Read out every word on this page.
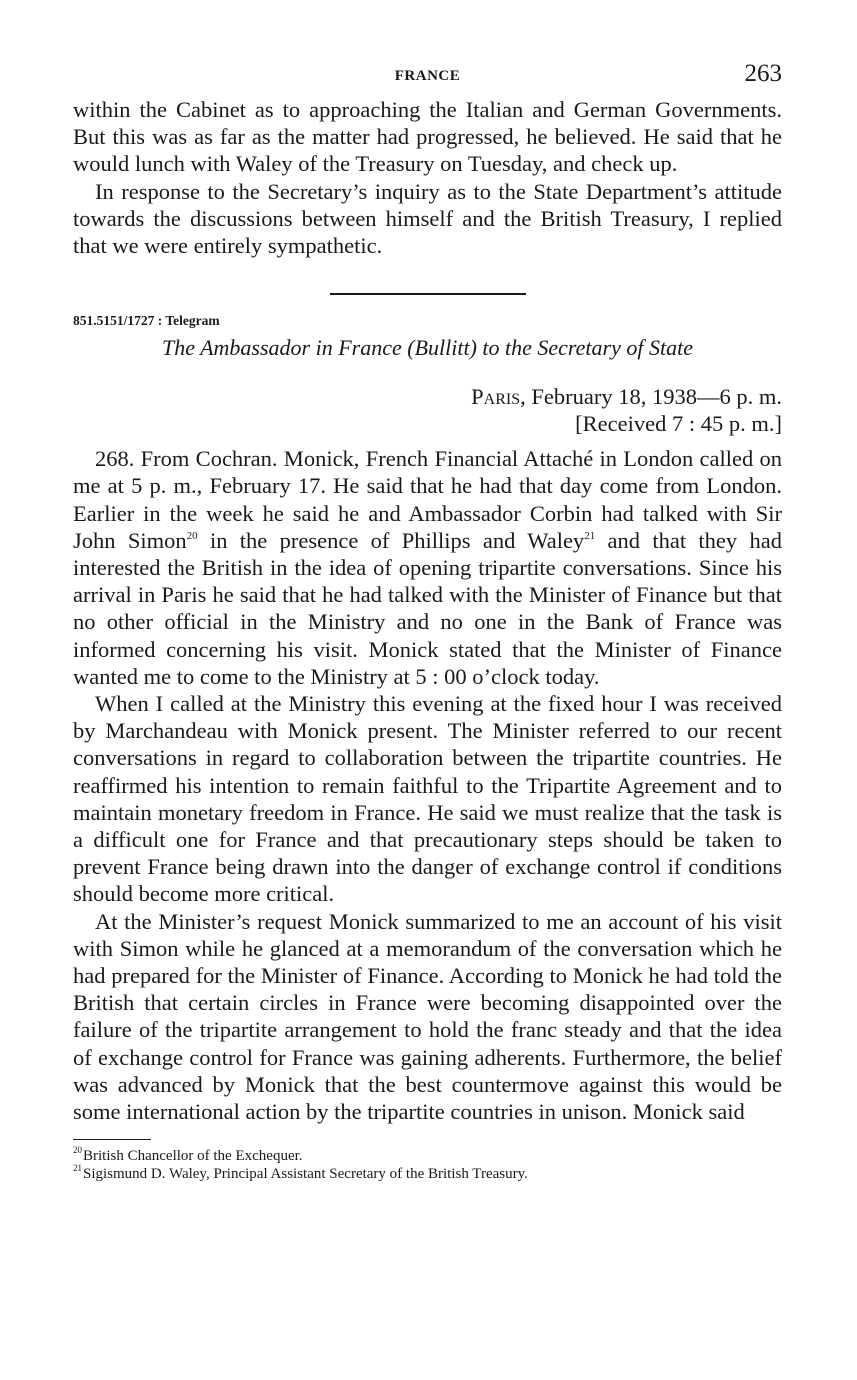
FRANCE	263

within the Cabinet as to approaching the Italian and German Governments. But this was as far as the matter had progressed, he believed. He said that he would lunch with Waley of the Treasury on Tuesday, and check up.

In response to the Secretary’s inquiry as to the State Department’s attitude towards the discussions between himself and the British Treasury, I replied that we were entirely sympathetic.

851.5151/1727 : Telegram

The Ambassador in France (Bullitt) to the Secretary of State

Paris, February 18, 1938—6 p. m.
[Received 7 : 45 p. m.]

268. From Cochran. Monick, French Financial Attaché in London called on me at 5 p. m., February 17. He said that he had that day come from London. Earlier in the week he said he and Ambassador Corbin had talked with Sir John Simon$^{20}$ in the presence of Phillips and Waley$^{21}$ and that they had interested the British in the idea of opening tripartite conversations. Since his arrival in Paris he said that he had talked with the Minister of Finance but that no other official in the Ministry and no one in the Bank of France was informed concerning his visit. Monick stated that the Minister of Finance wanted me to come to the Ministry at 5 : 00 o’clock today.

When I called at the Ministry this evening at the fixed hour I was received by Marchandeau with Monick present. The Minister referred to our recent conversations in regard to collaboration between the tripartite countries. He reaffirmed his intention to remain faithful to the Tripartite Agreement and to maintain monetary freedom in France. He said we must realize that the task is a difficult one for France and that precautionary steps should be taken to prevent France being drawn into the danger of exchange control if conditions should become more critical.

At the Minister’s request Monick summarized to me an account of his visit with Simon while he glanced at a memorandum of the conversation which he had prepared for the Minister of Finance. According to Monick he had told the British that certain circles in France were becoming disappointed over the failure of the tripartite arrangement to hold the franc steady and that the idea of exchange control for France was gaining adherents. Furthermore, the belief was advanced by Monick that the best countermove against this would be some international action by the tripartite countries in unison. Monick said

20 British Chancellor of the Exchequer.

21 Sigismund D. Waley, Principal Assistant Secretary of the British Treasury.
